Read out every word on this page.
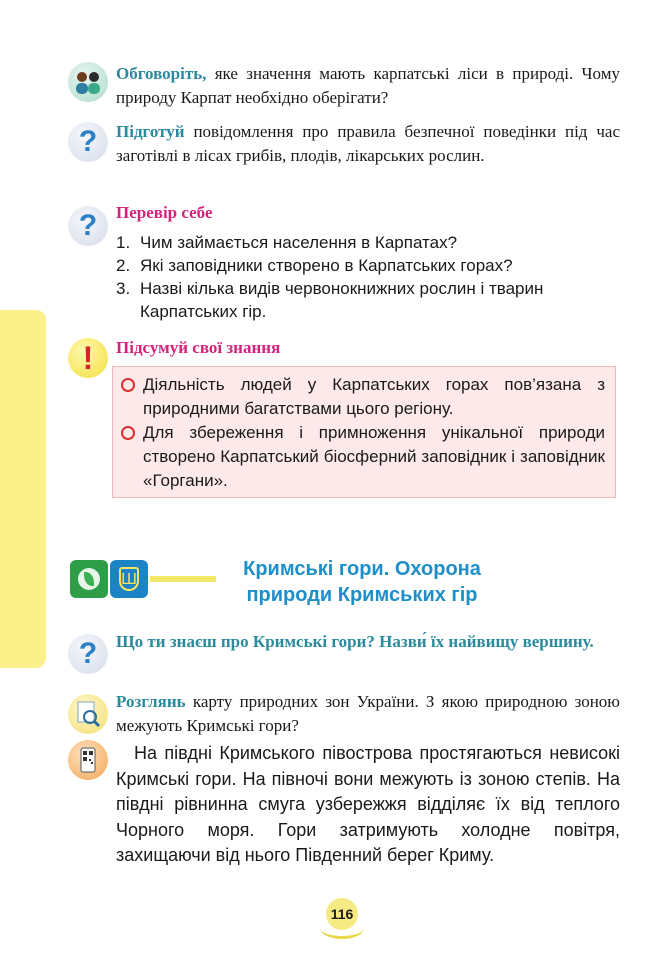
Обговоріть, яке значення мають карпатські ліси в природі. Чому природу Карпат необхідно оберігати?
? Підготуй повідомлення про правила безпечної поведінки під час заготівлі в лісах грибів, плодів, лікарських рослин.
? Перевір себе
1. Чим займається населення в Карпатах?
2. Які заповідники створено в Карпатських горах?
3. Назві кілька видів червонокнижних рослин і тварин Карпатських гір.
! Підсумуй свої знання
Діяльність людей у Карпатських горах пов’язана з природними багатствами цього регіону.
Для збереження і примноження унікальної природи створено Карпатський біосферний заповідник і заповідник «Горгани».
Ш	Кримські гори. Охорона
природи Кримських гір
? Що ти знаєш про Кримські гори? Назви́ їх найвищу вершину.
Розглянь карту природних зон України. З якою природною зоною межують Кримські гори?
На півдні Кримського півострова простягаються невисокі Кримські гори. На півночі вони межують із зоною степів. На півдні рівнинна смуга узбережжя відділяє їх від теплого Чорного моря. Гори затримують холодне повітря, захищаючи від нього Південний берег Криму.
116
